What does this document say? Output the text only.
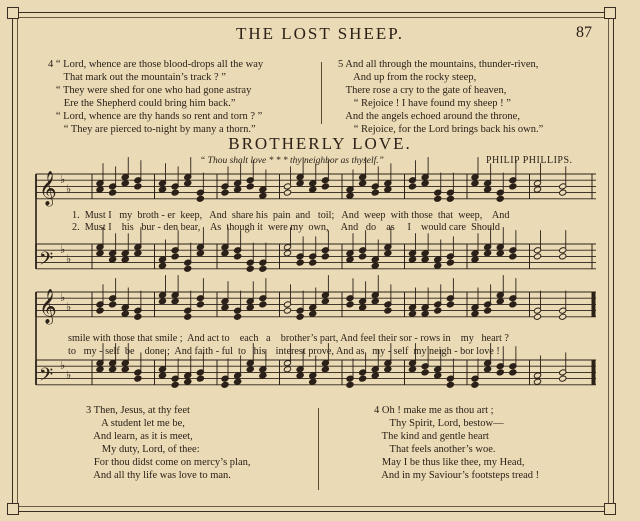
THE LOST SHEEP.	87
4 “ Lord, whence are those blood-drops all the way
That mark out the mountain’s track ? ”
“ They were shed for one who had gone astray
Ere the Shepherd could bring him back.”
“ Lord, whence are thy hands so rent and torn ? ”
“ They are pierced to-night by many a thorn.”
5 And all through the mountains, thunder-riven,
And up from the rocky steep,
There rose a cry to the gate of heaven,
“ Rejoice ! I have found my sheep ! ”
And the angels echoed around the throne,
“ Rejoice, for the Lord brings back his own.”
BROTHERLY LOVE.
“ Thou shalt love * * * thy neighbor as thyself.”	PHILIP PHILLIPS.
𝄞 ♭
♭
𝄢 ♭
♭
𝄞 ♭
♭
𝄢 ♭
♭
1.  Must I   my  broth - er  keep,   And  share his  pain  and   toil;   And  weep  with those  that  weep,    And
2.  Must I    his   bur - den bear,    As  though it  were my  own,     And   do    as     I    would care  Should
smile with those that smile ;  And act to    each   a    brother’s part, And feel their sor - rows in    my   heart ?
to   my - self  be    done ;  And faith - ful  to   his    interest prove, And as   my - self  my neigh - bor love !
3 Then, Jesus, at thy feet
A student let me be,
And learn, as it is meet,
My duty, Lord, of thee:
For thou didst come on mercy’s plan,
And all thy life was love to man.
4 Oh ! make me as thou art ;
Thy Spirit, Lord, bestow—
The kind and gentle heart
That feels another’s woe.
May I be thus like thee, my Head,
And in my Saviour’s footsteps tread !
